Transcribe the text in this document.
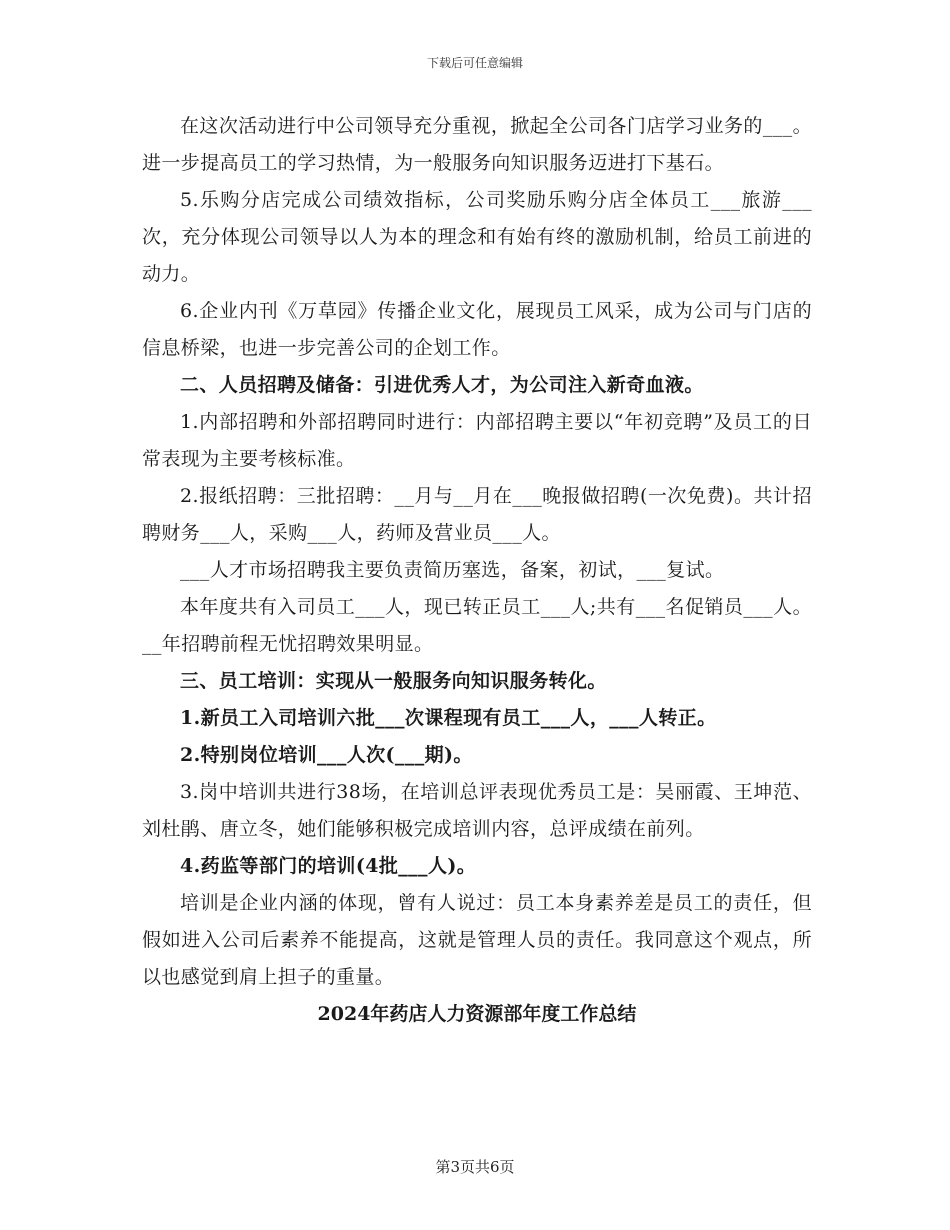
下载后可任意编辑

在这次活动进行中公司领导充分重视，掀起全公司各门店学习业务的___。进一步提高员工的学习热情，为一般服务向知识服务迈进打下基石。

5.乐购分店完成公司绩效指标，公司奖励乐购分店全体员工___旅游___次，充分体现公司领导以人为本的理念和有始有终的激励机制，给员工前进的动力。

6.企业内刊《万草园》传播企业文化，展现员工风采，成为公司与门店的信息桥梁，也进一步完善公司的企划工作。

二、人员招聘及储备：引进优秀人才，为公司注入新奇血液。

1.内部招聘和外部招聘同时进行：内部招聘主要以“年初竞聘”及员工的日常表现为主要考核标准。

2.报纸招聘：三批招聘：__月与__月在___晚报做招聘(一次免费)。共计招聘财务___人，采购___人，药师及营业员___人。

___人才市场招聘我主要负责简历塞选，备案，初试，___复试。

本年度共有入司员工___人，现已转正员工___人;共有___名促销员___人。__年招聘前程无忧招聘效果明显。

三、员工培训：实现从一般服务向知识服务转化。

1.新员工入司培训六批___次课程现有员工___人，___人转正。

2.特别岗位培训___人次(___期)。

3.岗中培训共进行38场，在培训总评表现优秀员工是：吴丽霞、王坤范、刘杜鹃、唐立冬，她们能够积极完成培训内容，总评成绩在前列。

4.药监等部门的培训(4批___人)。

培训是企业内涵的体现，曾有人说过：员工本身素养差是员工的责任，但假如进入公司后素养不能提高，这就是管理人员的责任。我同意这个观点，所以也感觉到肩上担子的重量。

2024年药店人力资源部年度工作总结

第3页共6页
